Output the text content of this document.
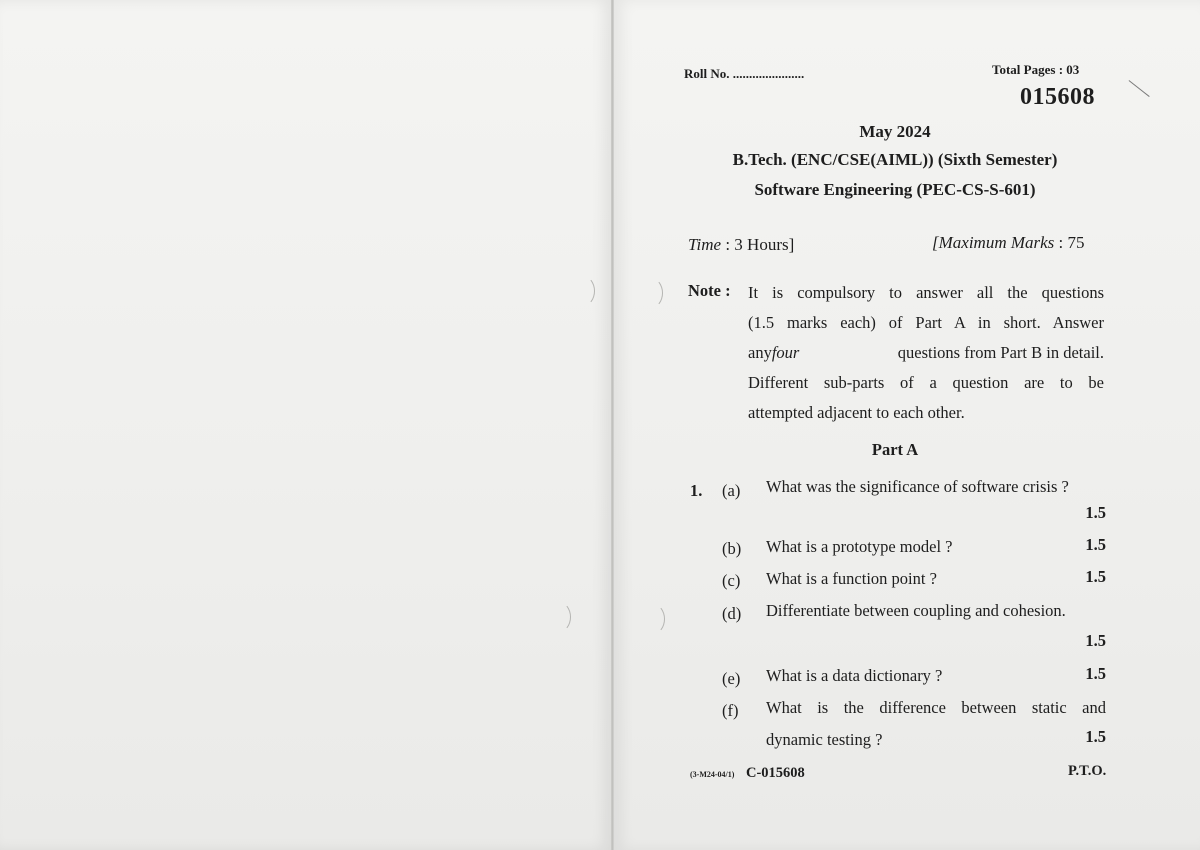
Roll No. ......................	Total Pages : 03
015608
May 2024
B.Tech. (ENC/CSE(AIML)) (Sixth Semester)
Software Engineering (PEC-CS-S-601)
Time : 3 Hours]	[Maximum Marks : 75
Note : It is compulsory to answer all the questions
(1.5 marks each) of Part A in short. Answer
any four	questions from Part B in detail.
Different sub-parts of a question are to be
attempted adjacent to each other.
Part A
1. (a) What was the significance of software crisis ?
1.5
(b) What is a prototype model ?	1.5
(c) What is a function point ?	1.5
(d) Differentiate between coupling and cohesion.
1.5
(e) What is a data dictionary ?	1.5
(f) What is the difference between static and
dynamic testing ?	1.5
(3-M24-04/1) C-015608	P.T.O.
